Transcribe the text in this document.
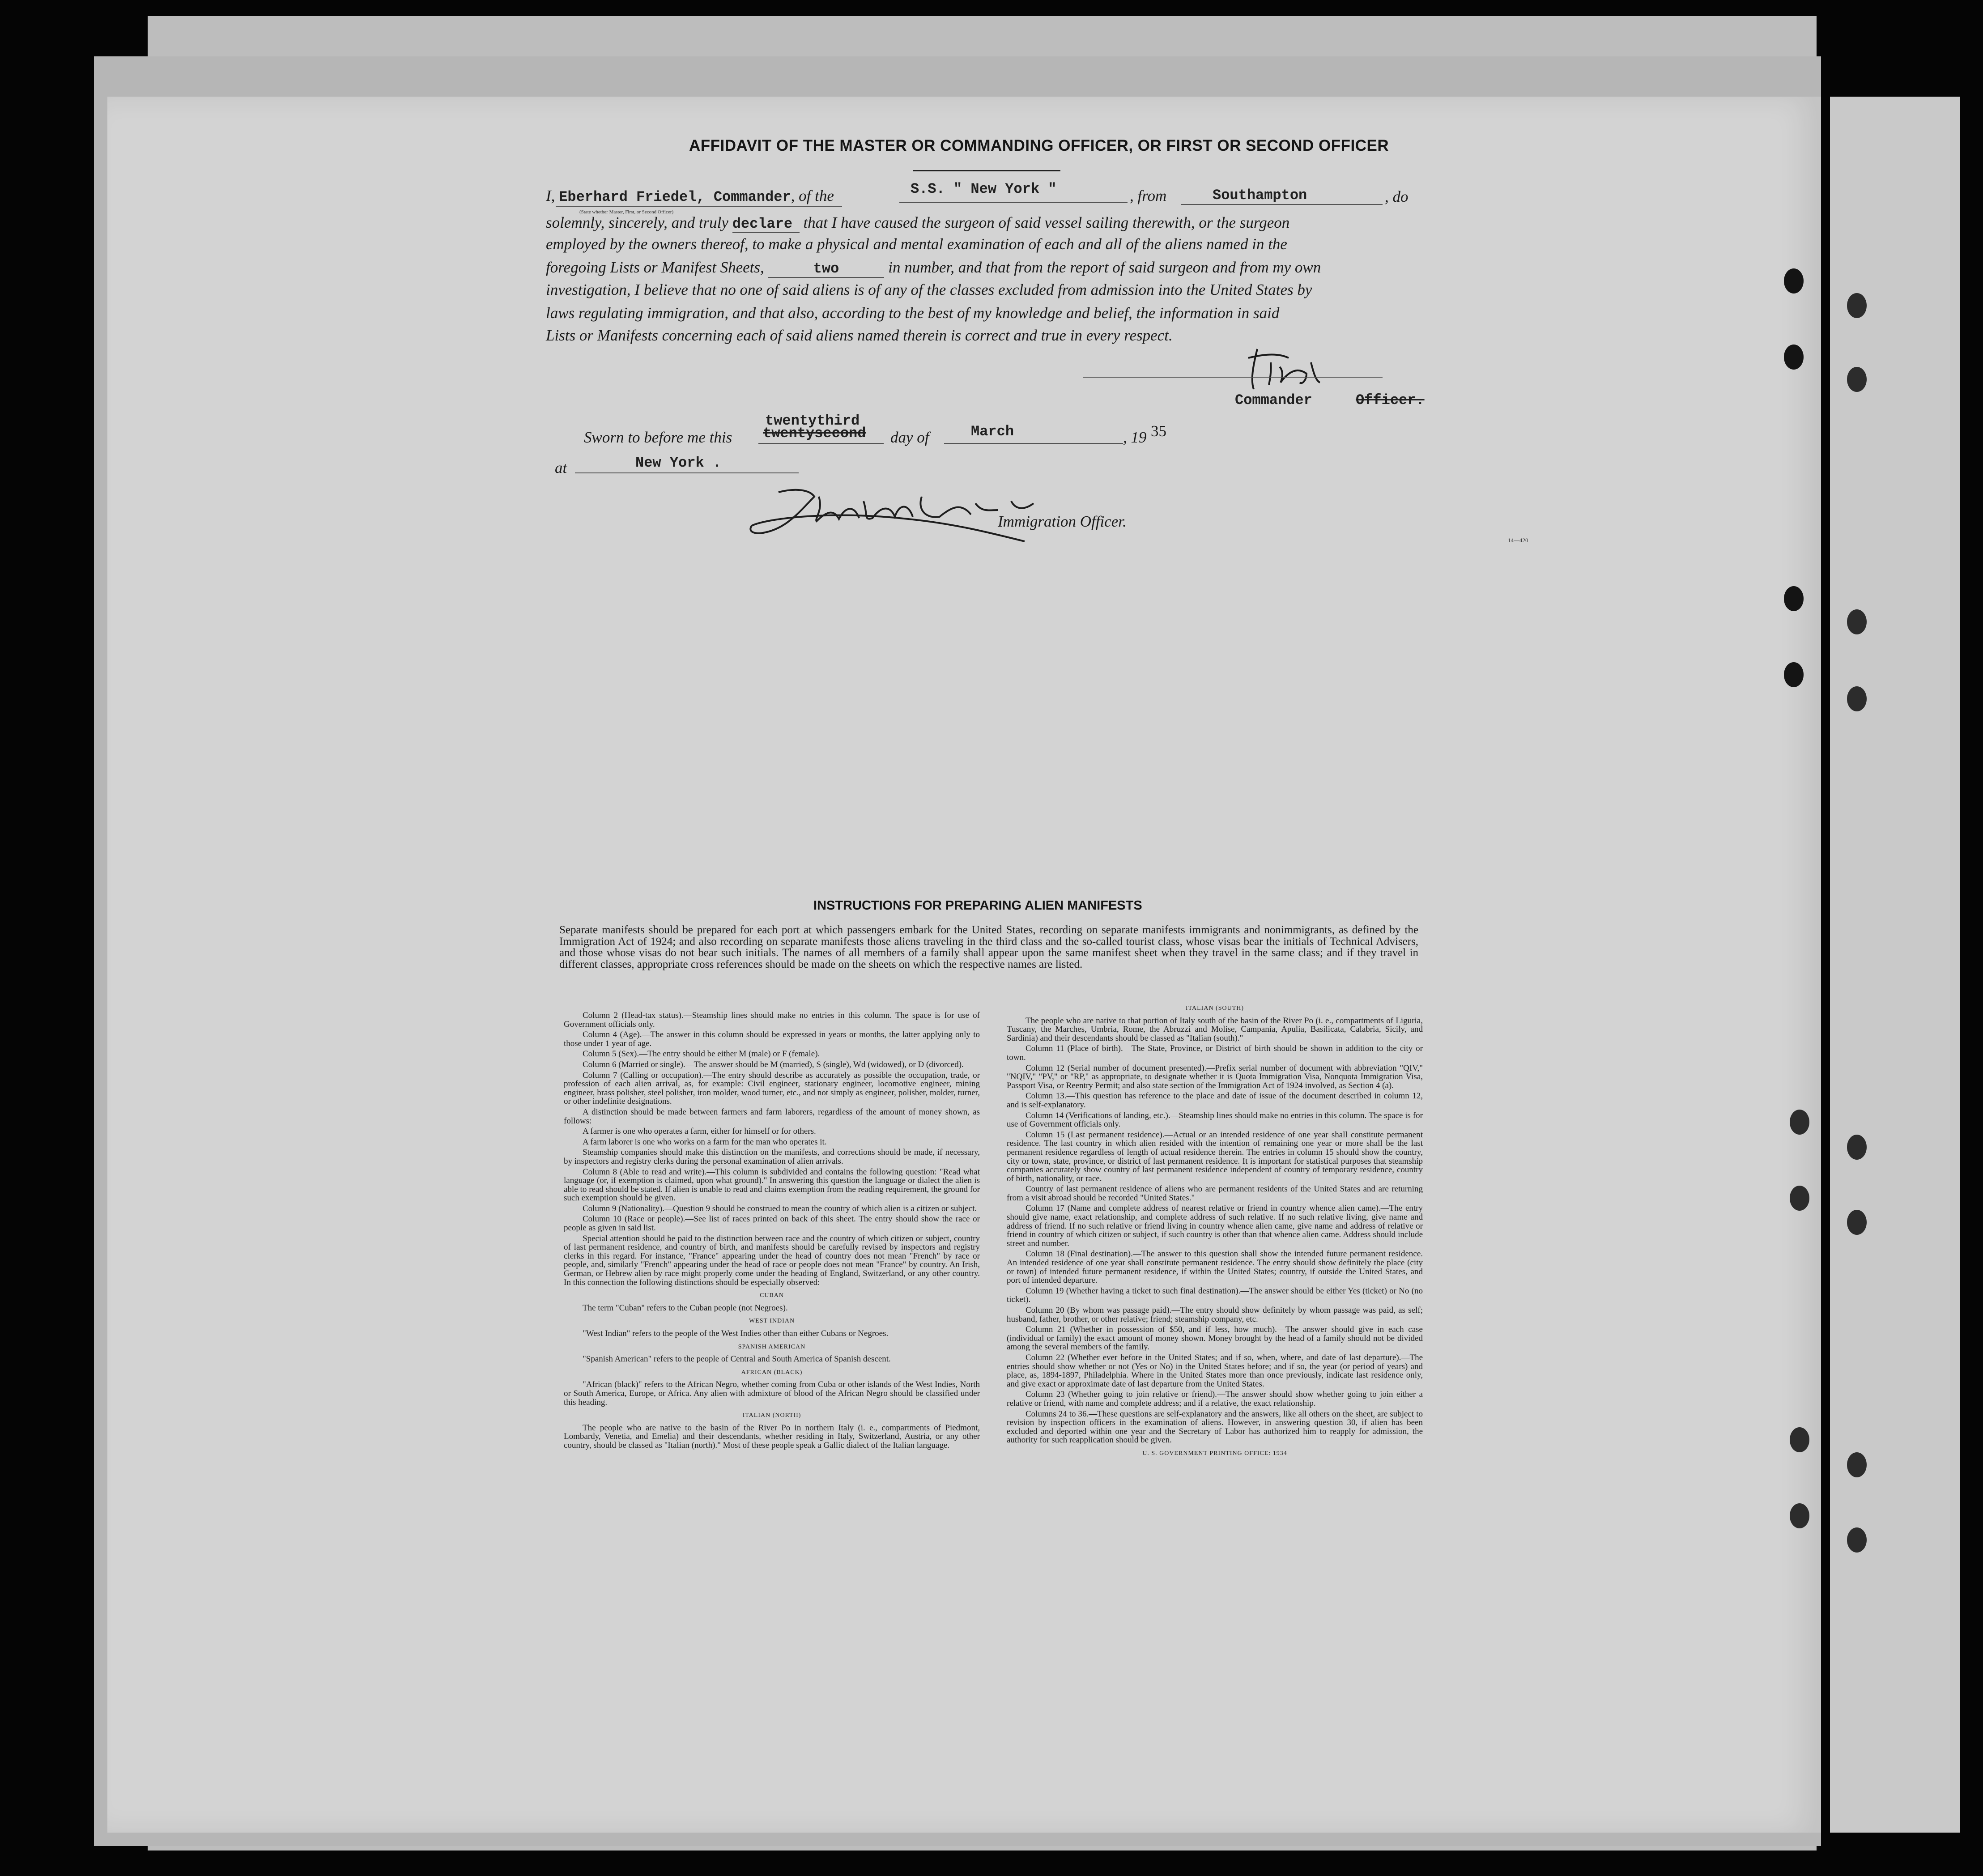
AFFIDAVIT OF THE MASTER OR COMMANDING OFFICER, OR FIRST OR SECOND OFFICER
I, Eberhard Friedel, Commander, of the	S.S. " New York "	, from	Southampton	, do
(State whether Master, First, or Second Officer)
solemnly, sincerely, and truly declare that I have caused the surgeon of said vessel sailing therewith, or the surgeon
employed by the owners thereof, to make a physical and mental examination of each and all of the aliens named in the
foregoing Lists or Manifest Sheets,	two	in number, and that from the report of said surgeon and from my own
investigation, I believe that no one of said aliens is of any of the classes excluded from admission into the United States by
laws regulating immigration, and that also, according to the best of my knowledge and belief, the information in said
Lists or Manifests concerning each of said aliens named therein is correct and true in every respect.
Commander	Officer.
twentythird
Sworn to before me this twentysecond day of	March	, 19 35
at	New York .
Immigration Officer.
14—420
INSTRUCTIONS FOR PREPARING ALIEN MANIFESTS
Separate manifests should be prepared for each port at which passengers embark for the United States, recording on separate manifests immigrants and nonimmigrants, as defined by the Immigration Act of 1924; and also recording on separate manifests those aliens traveling in the third class and the so-called tourist class, whose visas bear the initials of Technical Advisers, and those whose visas do not bear such initials. The names of all members of a family shall appear upon the same manifest sheet when they travel in the same class; and if they travel in different classes, appropriate cross references should be made on the sheets on which the respective names are listed.

Column 2 (Head-tax status).—Steamship lines should make no entries in this column. The space is for use of Government officials only.

Column 4 (Age).—The answer in this column should be expressed in years or months, the latter applying only to those under 1 year of age.

Column 5 (Sex).—The entry should be either M (male) or F (female).

Column 6 (Married or single).—The answer should be M (married), S (single), Wd (widowed), or D (divorced).

Column 7 (Calling or occupation).—The entry should describe as accurately as possible the occupation, trade, or profession of each alien arrival, as, for example: Civil engineer, stationary engineer, locomotive engineer, mining engineer, brass polisher, steel polisher, iron molder, wood turner, etc., and not simply as engineer, polisher, molder, turner, or other indefinite designations.

A distinction should be made between farmers and farm laborers, regardless of the amount of money shown, as follows:

A farmer is one who operates a farm, either for himself or for others.

A farm laborer is one who works on a farm for the man who operates it.

Steamship companies should make this distinction on the manifests, and corrections should be made, if necessary, by inspectors and registry clerks during the personal examination of alien arrivals.

Column 8 (Able to read and write).—This column is subdivided and contains the following question: "Read what language (or, if exemption is claimed, upon what ground)." In answering this question the language or dialect the alien is able to read should be stated. If alien is unable to read and claims exemption from the reading requirement, the ground for such exemption should be given.

Column 9 (Nationality).—Question 9 should be construed to mean the country of which alien is a citizen or subject.

Column 10 (Race or people).—See list of races printed on back of this sheet. The entry should show the race or people as given in said list.

Special attention should be paid to the distinction between race and the country of which citizen or subject, country of last permanent residence, and country of birth, and manifests should be carefully revised by inspectors and registry clerks in this regard. For instance, "France" appearing under the head of country does not mean "French" by race or people, and, similarly "French" appearing under the head of race or people does not mean "France" by country. An Irish, German, or Hebrew alien by race might properly come under the heading of England, Switzerland, or any other country. In this connection the following distinctions should be especially observed:

CUBAN

The term "Cuban" refers to the Cuban people (not Negroes).

WEST INDIAN

"West Indian" refers to the people of the West Indies other than either Cubans or Negroes.

SPANISH AMERICAN

"Spanish American" refers to the people of Central and South America of Spanish descent.

AFRICAN (BLACK)

"African (black)" refers to the African Negro, whether coming from Cuba or other islands of the West Indies, North or South America, Europe, or Africa. Any alien with admixture of blood of the African Negro should be classified under this heading.

ITALIAN (NORTH)

The people who are native to the basin of the River Po in northern Italy (i. e., compartments of Piedmont, Lombardy, Venetia, and Emelia) and their descendants, whether residing in Italy, Switzerland, Austria, or any other country, should be classed as "Italian (north)." Most of these people speak a Gallic dialect of the Italian language.

ITALIAN (SOUTH)

The people who are native to that portion of Italy south of the basin of the River Po (i. e., compartments of Liguria, Tuscany, the Marches, Umbria, Rome, the Abruzzi and Molise, Campania, Apulia, Basilicata, Calabria, Sicily, and Sardinia) and their descendants should be classed as "Italian (south)."

Column 11 (Place of birth).—The State, Province, or District of birth should be shown in addition to the city or town.

Column 12 (Serial number of document presented).—Prefix serial number of document with abbreviation "QIV," "NQIV," "PV," or "RP," as appropriate, to designate whether it is Quota Immigration Visa, Nonquota Immigration Visa, Passport Visa, or Reentry Permit; and also state section of the Immigration Act of 1924 involved, as Section 4 (a).

Column 13.—This question has reference to the place and date of issue of the document described in column 12, and is self-explanatory.

Column 14 (Verifications of landing, etc.).—Steamship lines should make no entries in this column. The space is for use of Government officials only.

Column 15 (Last permanent residence).—Actual or an intended residence of one year shall constitute permanent residence. The last country in which alien resided with the intention of remaining one year or more shall be the last permanent residence regardless of length of actual residence therein. The entries in column 15 should show the country, city or town, state, province, or district of last permanent residence. It is important for statistical purposes that steamship companies accurately show country of last permanent residence independent of country of temporary residence, country of birth, nationality, or race.

Country of last permanent residence of aliens who are permanent residents of the United States and are returning from a visit abroad should be recorded "United States."

Column 17 (Name and complete address of nearest relative or friend in country whence alien came).—The entry should give name, exact relationship, and complete address of such relative. If no such relative living, give name and address of friend. If no such relative or friend living in country whence alien came, give name and address of relative or friend in country of which citizen or subject, if such country is other than that whence alien came. Address should include street and number.

Column 18 (Final destination).—The answer to this question shall show the intended future permanent residence. An intended residence of one year shall constitute permanent residence. The entry should show definitely the place (city or town) of intended future permanent residence, if within the United States; country, if outside the United States, and port of intended departure.

Column 19 (Whether having a ticket to such final destination).—The answer should be either Yes (ticket) or No (no ticket).

Column 20 (By whom was passage paid).—The entry should show definitely by whom passage was paid, as self; husband, father, brother, or other relative; friend; steamship company, etc.

Column 21 (Whether in possession of $50, and if less, how much).—The answer should give in each case (individual or family) the exact amount of money shown. Money brought by the head of a family should not be divided among the several members of the family.

Column 22 (Whether ever before in the United States; and if so, when, where, and date of last departure).—The entries should show whether or not (Yes or No) in the United States before; and if so, the year (or period of years) and place, as, 1894-1897, Philadelphia. Where in the United States more than once previously, indicate last residence only, and give exact or approximate date of last departure from the United States.

Column 23 (Whether going to join relative or friend).—The answer should show whether going to join either a relative or friend, with name and complete address; and if a relative, the exact relationship.

Columns 24 to 36.—These questions are self-explanatory and the answers, like all others on the sheet, are subject to revision by inspection officers in the examination of aliens. However, in answering question 30, if alien has been excluded and deported within one year and the Secretary of Labor has authorized him to reapply for admission, the authority for such reapplication should be given.

U. S. GOVERNMENT PRINTING OFFICE: 1934
